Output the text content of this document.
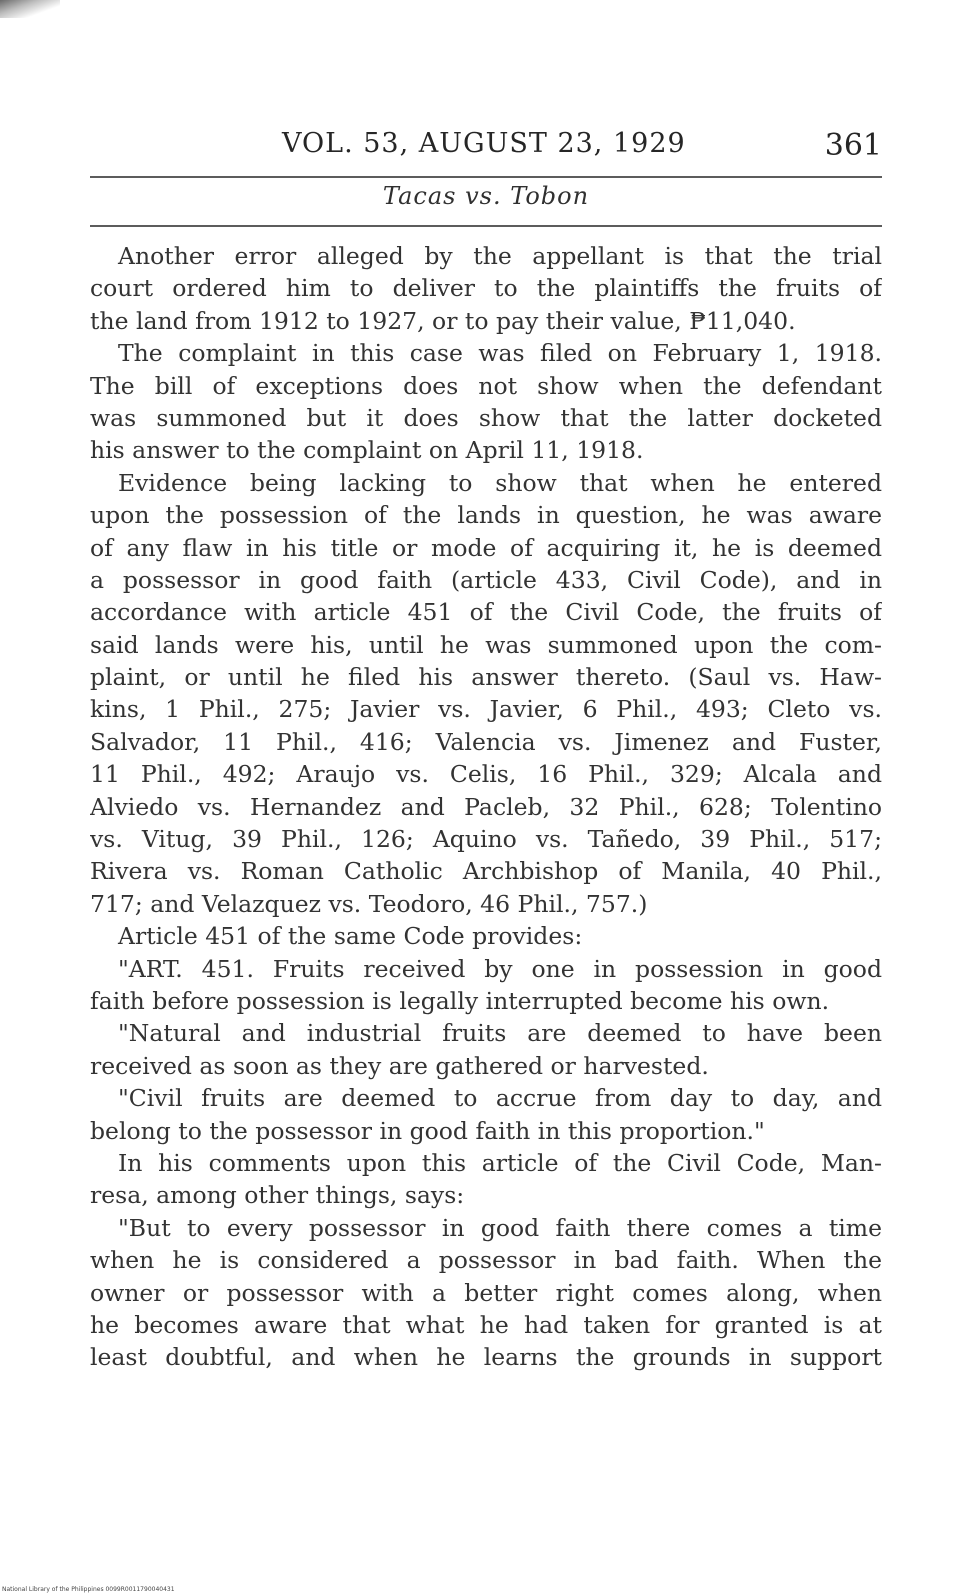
VOL. 53, AUGUST 23, 1929	361
Tacas vs. Tobon
Another error alleged by the appellant is that the trial
court ordered him to deliver to the plaintiffs the fruits of
the land from 1912 to 1927, or to pay their value, ₱11,040.
The complaint in this case was filed on February 1, 1918.
The bill of exceptions does not show when the defendant
was summoned but it does show that the latter docketed
his answer to the complaint on April 11, 1918.
Evidence being lacking to show that when he entered
upon the possession of the lands in question, he was aware
of any flaw in his title or mode of acquiring it, he is deemed
a possessor in good faith (article 433, Civil Code), and in
accordance with article 451 of the Civil Code, the fruits of
said lands were his, until he was summoned upon the com-
plaint, or until he filed his answer thereto. (Saul vs. Haw-
kins, 1 Phil., 275; Javier vs. Javier, 6 Phil., 493; Cleto vs.
Salvador, 11 Phil., 416; Valencia vs. Jimenez and Fuster,
11 Phil., 492; Araujo vs. Celis, 16 Phil., 329; Alcala and
Alviedo vs. Hernandez and Pacleb, 32 Phil., 628; Tolentino
vs. Vitug, 39 Phil., 126; Aquino vs. Tañedo, 39 Phil., 517;
Rivera vs. Roman Catholic Archbishop of Manila, 40 Phil.,
717; and Velazquez vs. Teodoro, 46 Phil., 757.)
Article 451 of the same Code provides:
"ART. 451. Fruits received by one in possession in good
faith before possession is legally interrupted become his own.
"Natural and industrial fruits are deemed to have been
received as soon as they are gathered or harvested.
"Civil fruits are deemed to accrue from day to day, and
belong to the possessor in good faith in this proportion."
In his comments upon this article of the Civil Code, Man-
resa, among other things, says:
"But to every possessor in good faith there comes a time
when he is considered a possessor in bad faith. When the
owner or possessor with a better right comes along, when
he becomes aware that what he had taken for granted is at
least doubtful, and when he learns the grounds in support
National Library of the Philippines 0099R0011790040431
